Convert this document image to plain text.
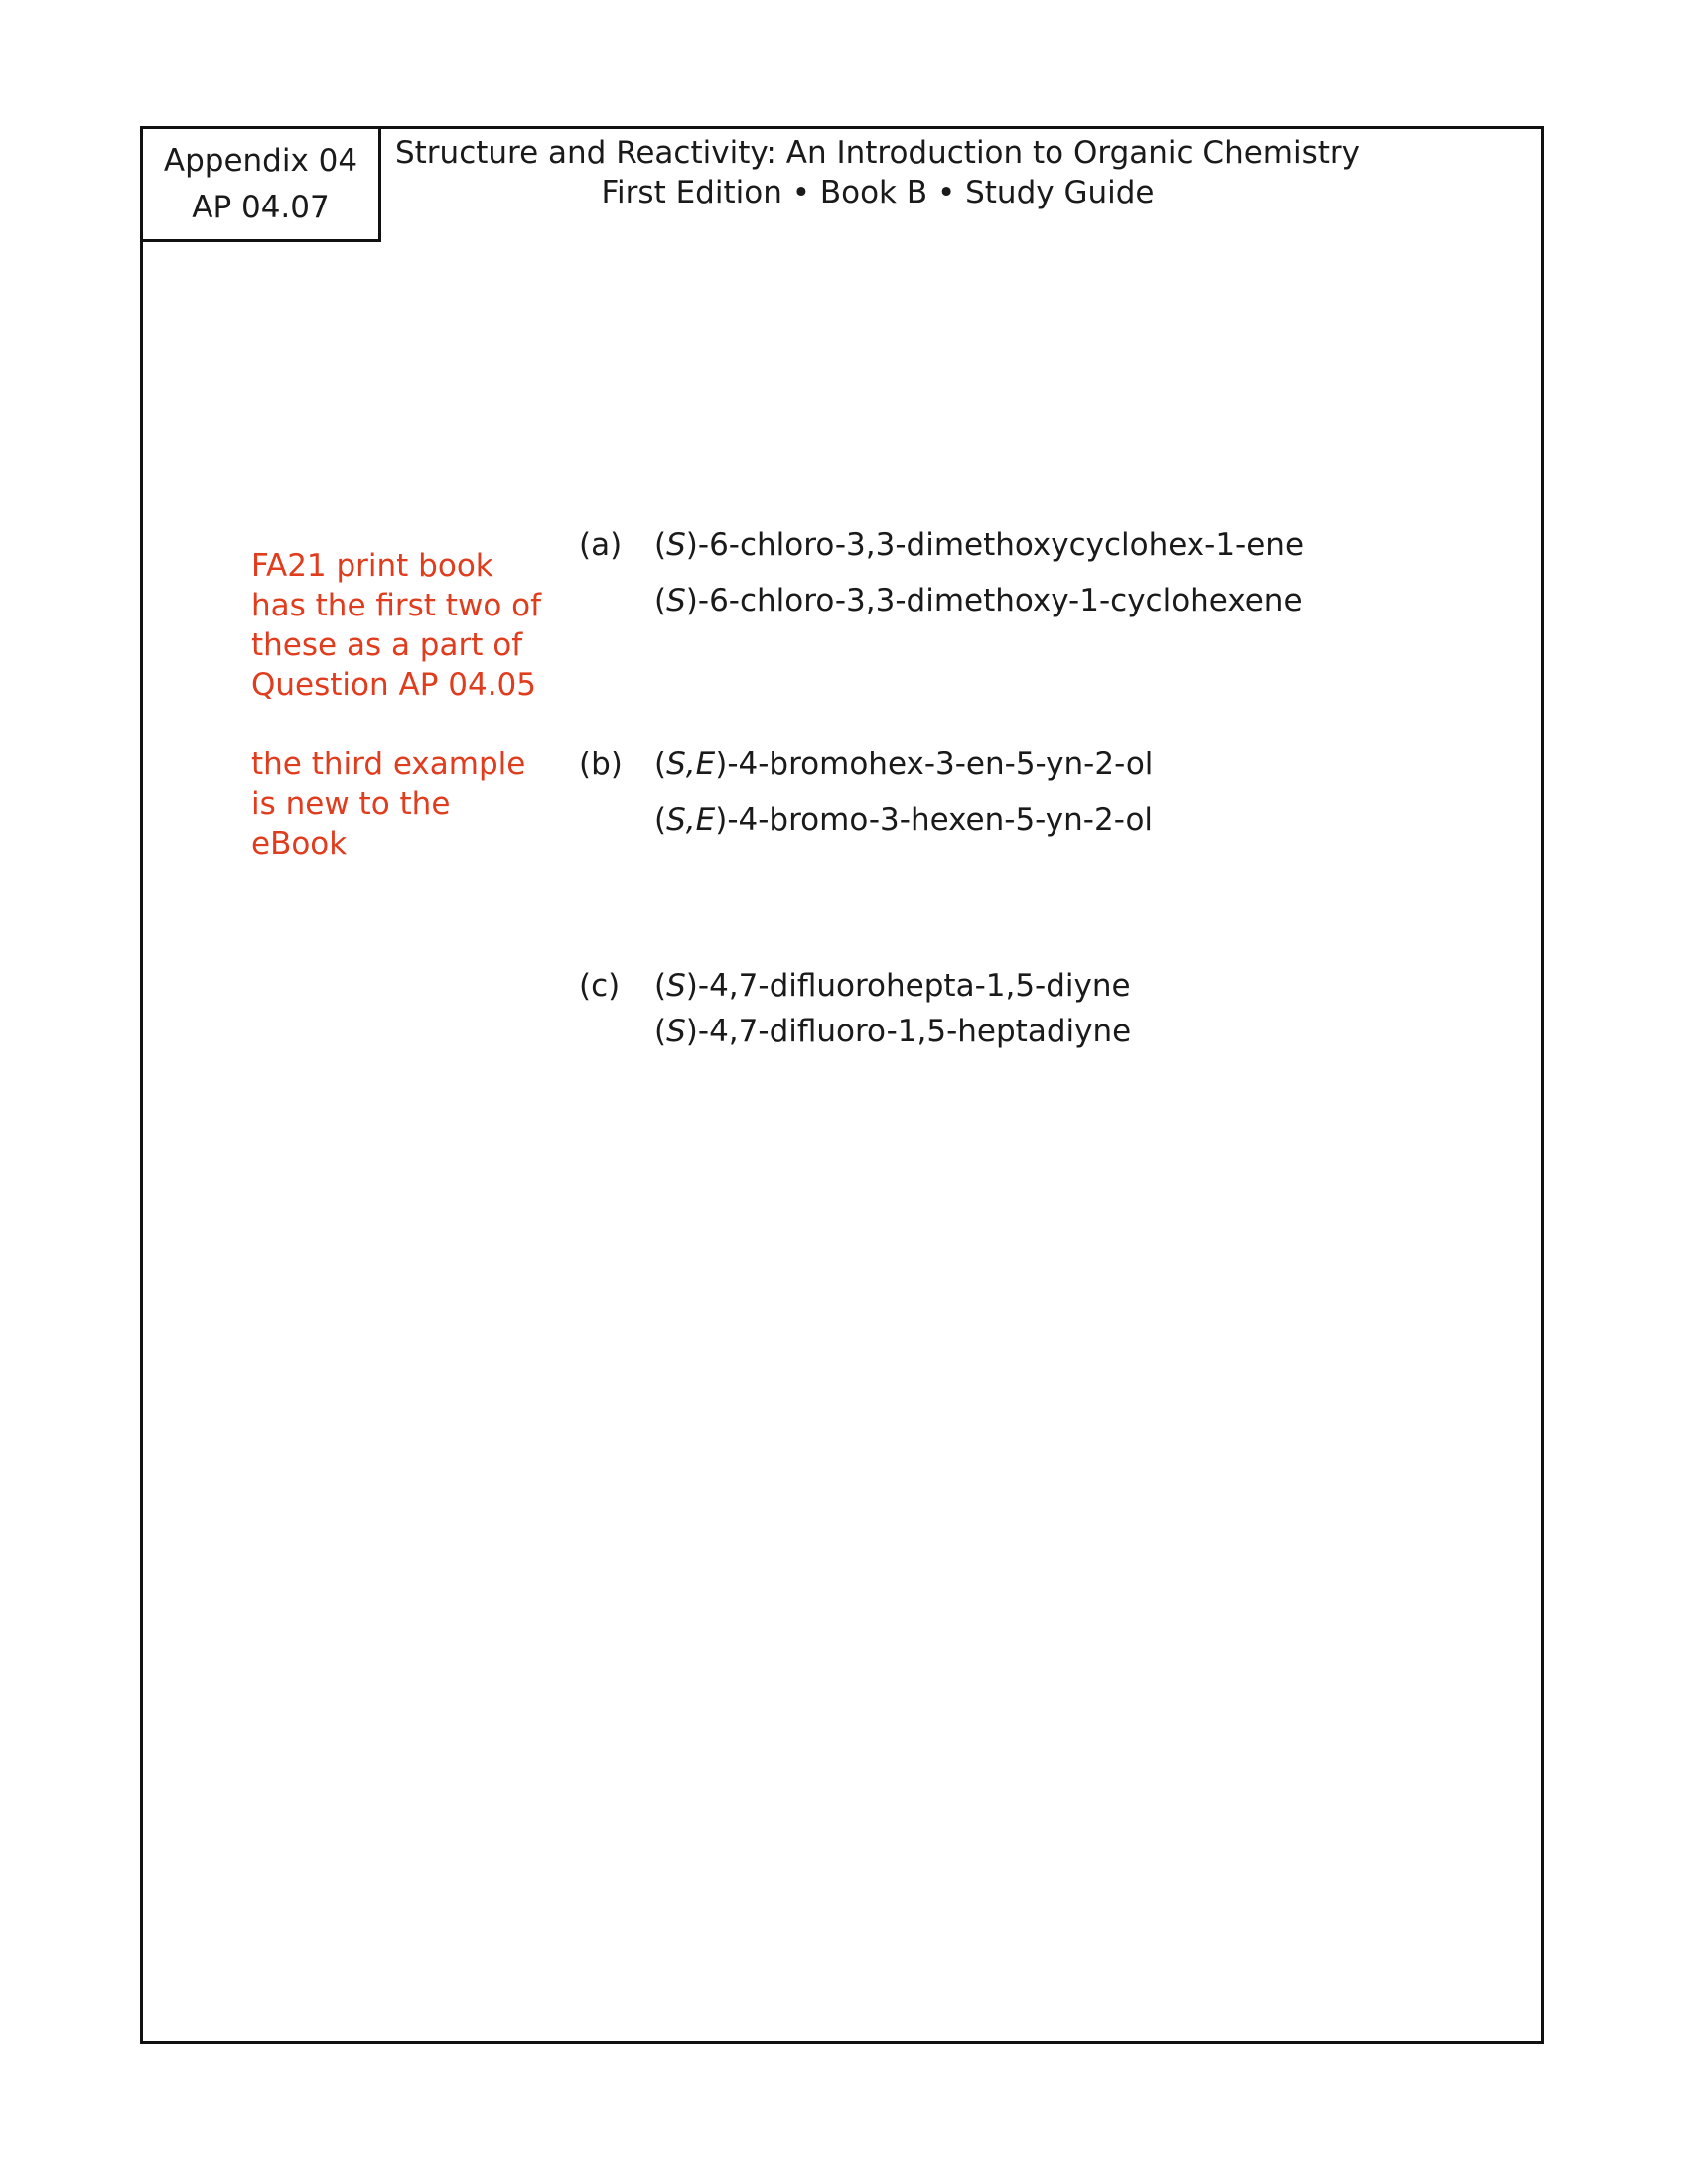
Appendix 04
AP 04.07
Structure and Reactivity: An Introduction to Organic Chemistry
First Edition • Book B • Study Guide

FA21 print book has the first two of these as a part of Question AP 04.05

the third example is new to the eBook

(a) (S)-6-chloro-3,3-dimethoxycyclohex-1-ene
(S)-6-chloro-3,3-dimethoxy-1-cyclohexene
(b) (S,E)-4-bromohex-3-en-5-yn-2-ol
(S,E)-4-bromo-3-hexen-5-yn-2-ol
(c) (S)-4,7-difluorohepta-1,5-diyne
(S)-4,7-difluoro-1,5-heptadiyne
